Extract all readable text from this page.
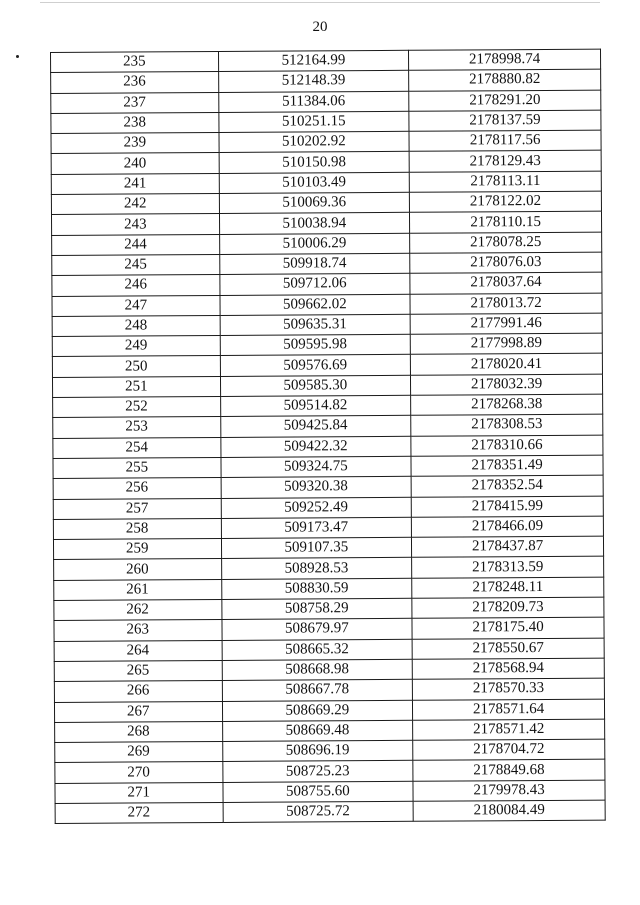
20
235	512164.99	2178998.74
236	512148.39	2178880.82
237	511384.06	2178291.20
238	510251.15	2178137.59
239	510202.92	2178117.56
240	510150.98	2178129.43
241	510103.49	2178113.11
242	510069.36	2178122.02
243	510038.94	2178110.15
244	510006.29	2178078.25
245	509918.74	2178076.03
246	509712.06	2178037.64
247	509662.02	2178013.72
248	509635.31	2177991.46
249	509595.98	2177998.89
250	509576.69	2178020.41
251	509585.30	2178032.39
252	509514.82	2178268.38
253	509425.84	2178308.53
254	509422.32	2178310.66
255	509324.75	2178351.49
256	509320.38	2178352.54
257	509252.49	2178415.99
258	509173.47	2178466.09
259	509107.35	2178437.87
260	508928.53	2178313.59
261	508830.59	2178248.11
262	508758.29	2178209.73
263	508679.97	2178175.40
264	508665.32	2178550.67
265	508668.98	2178568.94
266	508667.78	2178570.33
267	508669.29	2178571.64
268	508669.48	2178571.42
269	508696.19	2178704.72
270	508725.23	2178849.68
271	508755.60	2179978.43
272	508725.72	2180084.49
